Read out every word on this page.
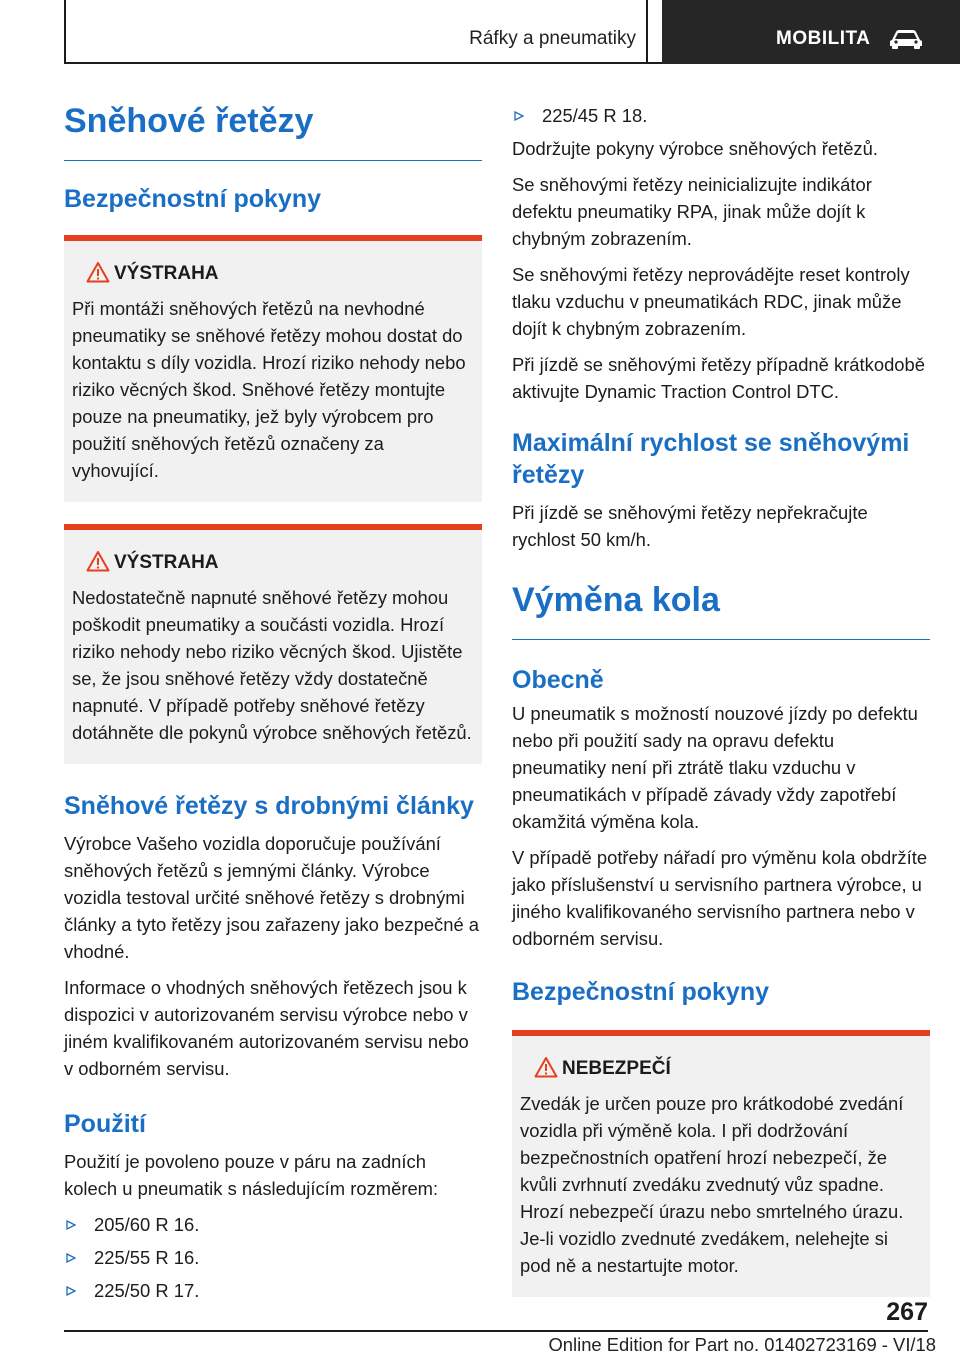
Ráfky a pneumatiky	MOBILITA
Sněhové řetězy
Bezpečnostní pokyny
VÝSTRAHA
Při montáži sněhových řetězů na nevhodné pneumatiky se sněhové řetězy mohou dostat do kontaktu s díly vozidla. Hrozí riziko nehody nebo riziko věcných škod. Sněhové řetězy montujte pouze na pneumatiky, jež byly výrobcem pro použití sněhových řetězů označeny za vyhovující.
VÝSTRAHA
Nedostatečně napnuté sněhové řetězy mohou poškodit pneumatiky a součásti vozidla. Hrozí riziko nehody nebo riziko věcných škod. Ujistěte se, že jsou sněhové řetězy vždy dostatečně napnuté. V případě potřeby sněhové řetězy dotáhněte dle pokynů výrobce sněhových řetězů.
Sněhové řetězy s drobnými články
Výrobce Vašeho vozidla doporučuje používání sněhových řetězů s jemnými články. Výrobce vozidla testoval určité sněhové řetězy s drobnými články a tyto řetězy jsou zařazeny jako bezpečné a vhodné.
Informace o vhodných sněhových řetězech jsou k dispozici v autorizovaném servisu výrobce nebo v jiném kvalifikovaném autorizovaném servisu nebo v odborném servisu.
Použití
Použití je povoleno pouze v páru na zadních kolech u pneumatik s následujícím rozměrem:
205/60 R 16.
225/55 R 16.
225/50 R 17.
225/45 R 18.
Dodržujte pokyny výrobce sněhových řetězů.
Se sněhovými řetězy neinicializujte indikátor defektu pneumatiky RPA, jinak může dojít k chybným zobrazením.
Se sněhovými řetězy neprovádějte reset kontroly tlaku vzduchu v pneumatikách RDC, jinak může dojít k chybným zobrazením.
Při jízdě se sněhovými řetězy případně krátkodobě aktivujte Dynamic Traction Control DTC.
Maximální rychlost se sněhovými řetězy
Při jízdě se sněhovými řetězy nepřekračujte rychlost 50 km/h.
Výměna kola
Obecně
U pneumatik s možností nouzové jízdy po defektu nebo při použití sady na opravu defektu pneumatiky není při ztrátě tlaku vzduchu v pneumatikách v případě závady vždy zapotřebí okamžitá výměna kola.
V případě potřeby nářadí pro výměnu kola obdržíte jako příslušenství u servisního partnera výrobce, u jiného kvalifikovaného servisního partnera nebo v odborném servisu.
Bezpečnostní pokyny
NEBEZPEČÍ
Zvedák je určen pouze pro krátkodobé zvedání vozidla při výměně kola. I při dodržování bezpečnostních opatření hrozí nebezpečí, že kvůli zvrhnutí zvedáku zvednutý vůz spadne. Hrozí nebezpečí úrazu nebo smrtelného úrazu. Je-li vozidlo zvednuté zvedákem, nelehejte si pod ně a nestartujte motor.
267
Online Edition for Part no. 01402723169 - VI/18
